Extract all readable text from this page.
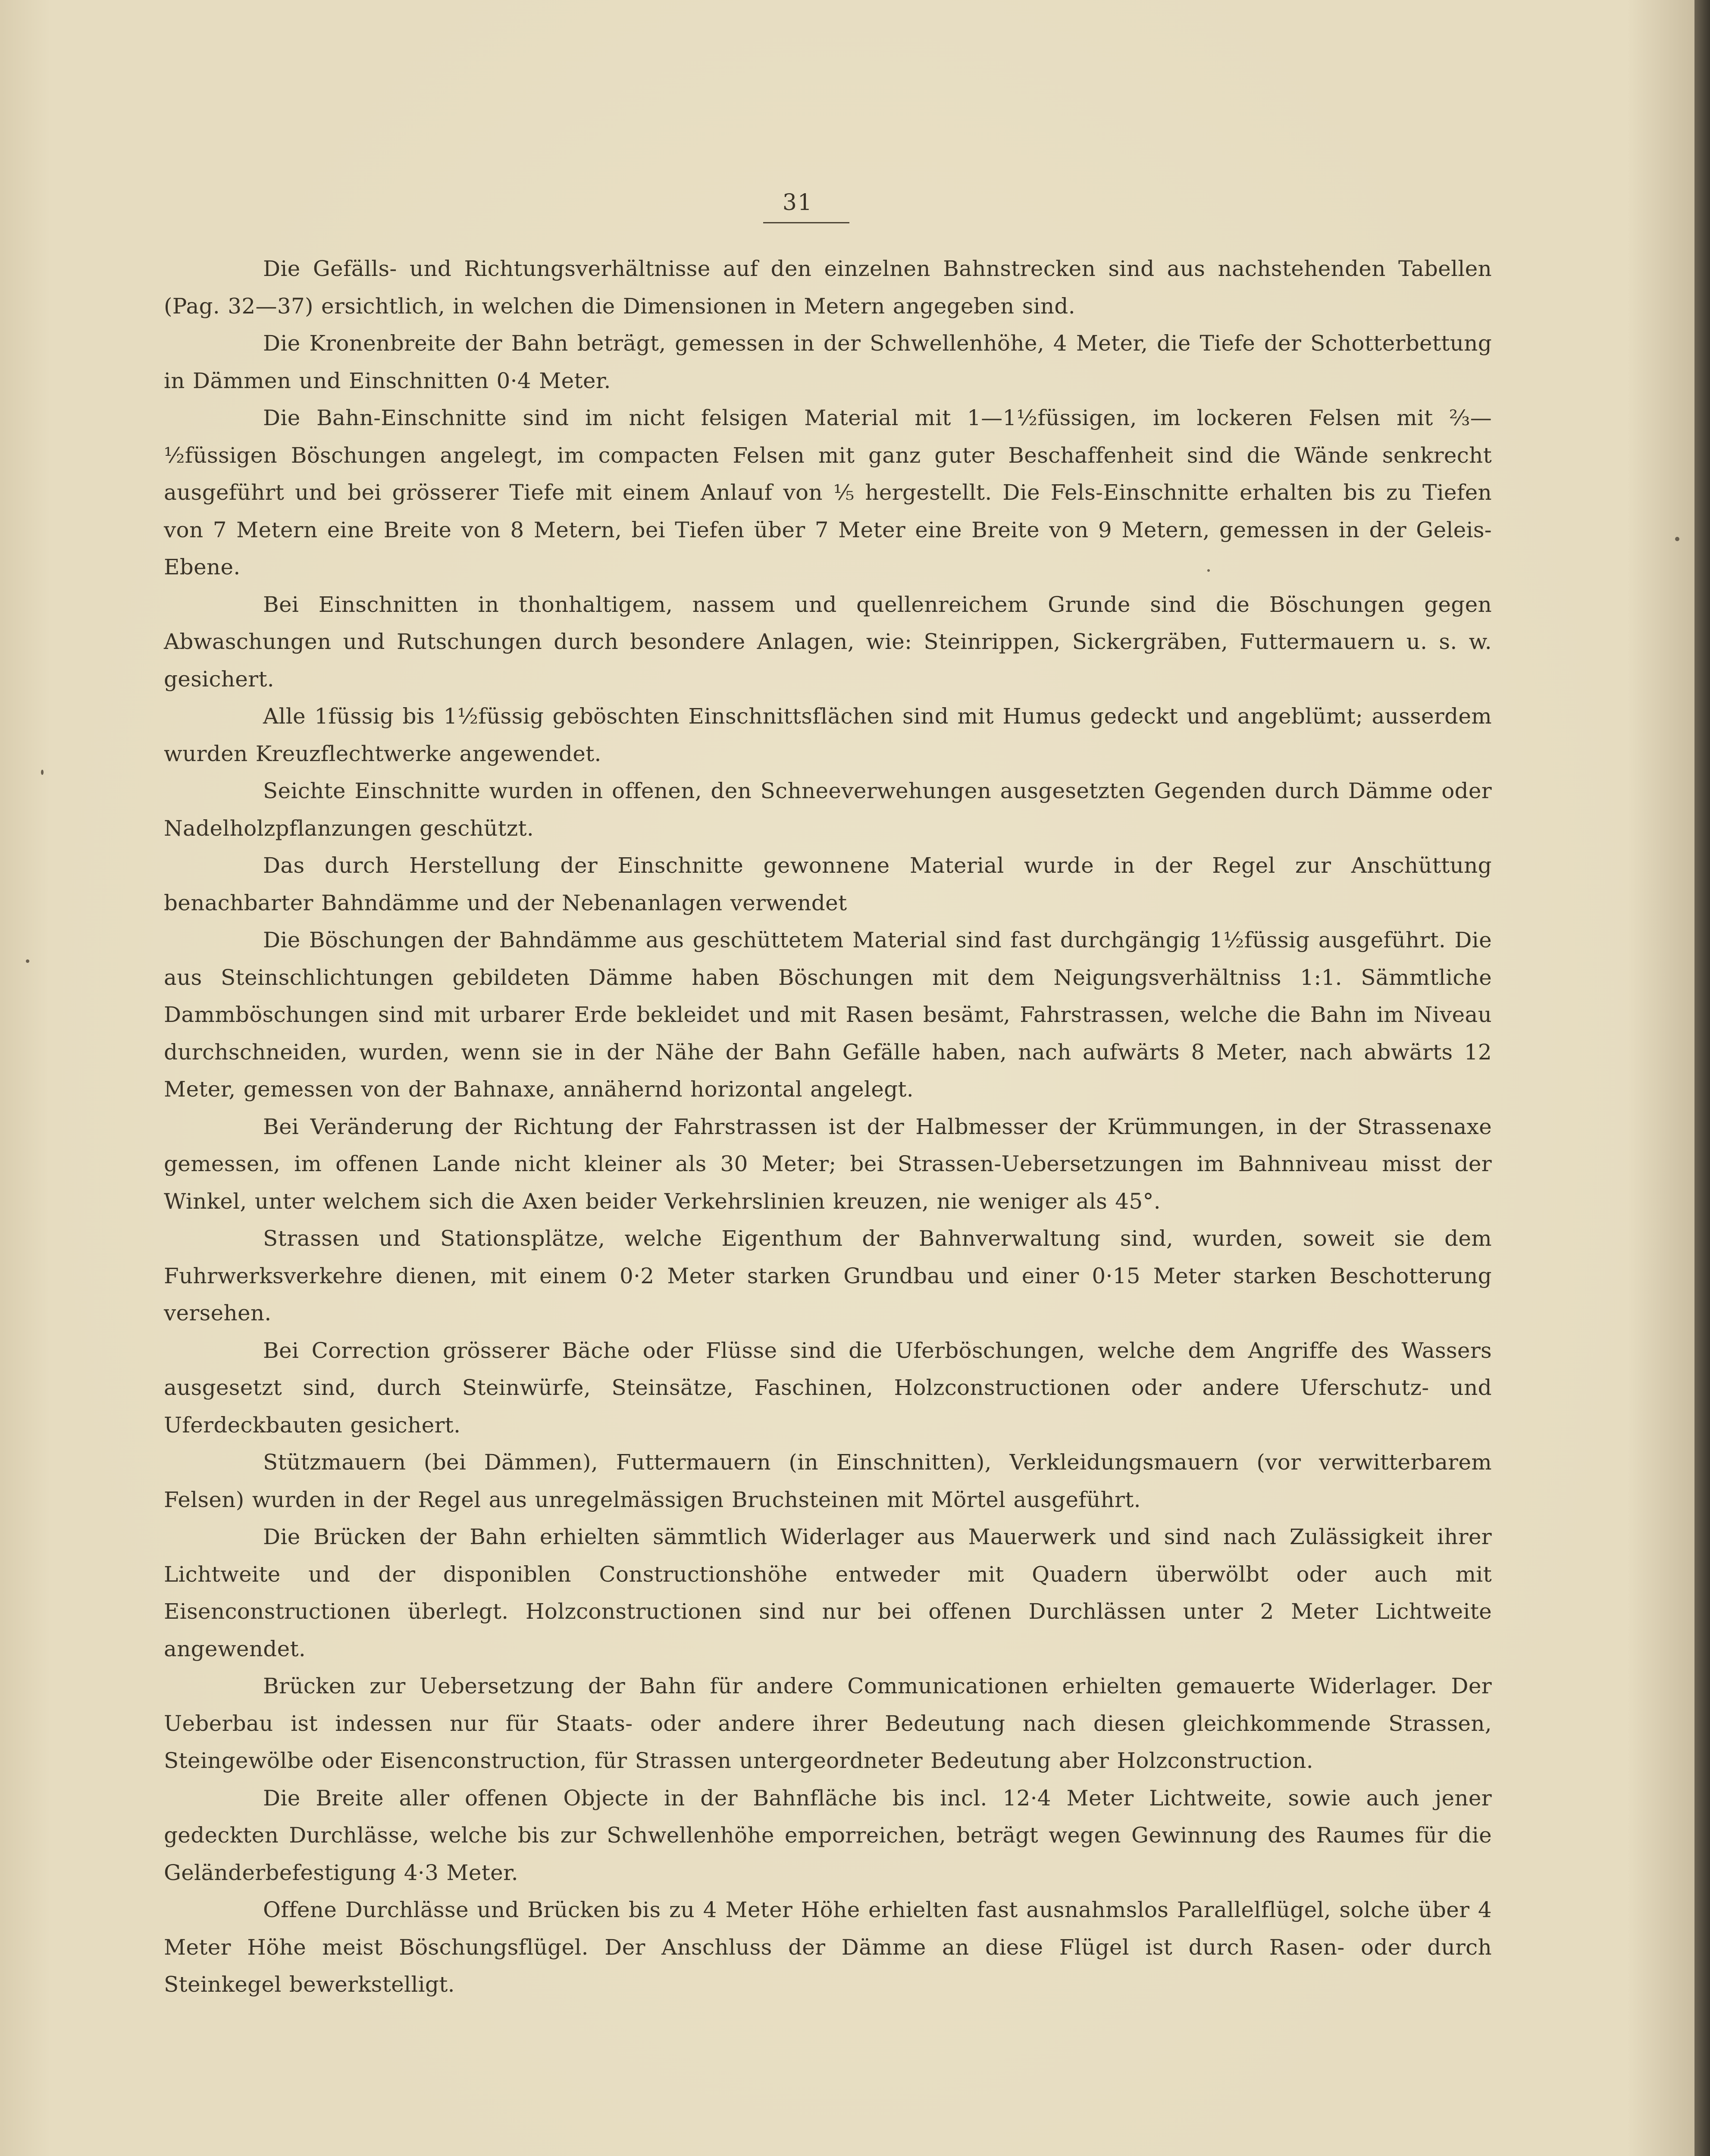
31

Die Gefälls- und Richtungsverhältnisse auf den einzelnen Bahnstrecken sind aus nachstehenden Tabellen (Pag. 32—37) ersichtlich, in welchen die Dimensionen in Metern angegeben sind.

Die Kronenbreite der Bahn beträgt, gemessen in der Schwellenhöhe, 4 Meter, die Tiefe der Schotterbettung in Dämmen und Einschnitten 0·4 Meter.

Die Bahn-Einschnitte sind im nicht felsigen Material mit 1—1½füssigen, im lockeren Felsen mit ⅔—½füssigen Böschungen angelegt, im compacten Felsen mit ganz guter Beschaffenheit sind die Wände senkrecht ausgeführt und bei grösserer Tiefe mit einem Anlauf von ⅕ hergestellt. Die Fels-Einschnitte erhalten bis zu Tiefen von 7 Metern eine Breite von 8 Metern, bei Tiefen über 7 Meter eine Breite von 9 Metern, gemessen in der Geleis-Ebene.

Bei Einschnitten in thonhaltigem, nassem und quellenreichem Grunde sind die Böschungen gegen Abwaschungen und Rutschungen durch besondere Anlagen, wie: Steinrippen, Sickergräben, Futtermauern u. s. w. gesichert.

Alle 1füssig bis 1½füssig geböschten Einschnittsflächen sind mit Humus gedeckt und angeblümt; ausserdem wurden Kreuzflechtwerke angewendet.

Seichte Einschnitte wurden in offenen, den Schneeverwehungen ausgesetzten Gegenden durch Dämme oder Nadelholzpflanzungen geschützt.

Das durch Herstellung der Einschnitte gewonnene Material wurde in der Regel zur Anschüttung benachbarter Bahndämme und der Nebenanlagen verwendet

Die Böschungen der Bahndämme aus geschüttetem Material sind fast durchgängig 1½füssig ausgeführt. Die aus Steinschlichtungen gebildeten Dämme haben Böschungen mit dem Neigungsverhältniss 1:1. Sämmtliche Dammböschungen sind mit urbarer Erde bekleidet und mit Rasen besämt, Fahrstrassen, welche die Bahn im Niveau durchschneiden, wurden, wenn sie in der Nähe der Bahn Gefälle haben, nach aufwärts 8 Meter, nach abwärts 12 Meter, gemessen von der Bahnaxe, annähernd horizontal angelegt.

Bei Veränderung der Richtung der Fahrstrassen ist der Halbmesser der Krümmungen, in der Strassenaxe gemessen, im offenen Lande nicht kleiner als 30 Meter; bei Strassen-Uebersetzungen im Bahnniveau misst der Winkel, unter welchem sich die Axen beider Verkehrslinien kreuzen, nie weniger als 45°.

Strassen und Stationsplätze, welche Eigenthum der Bahnverwaltung sind, wurden, soweit sie dem Fuhrwerksverkehre dienen, mit einem 0·2 Meter starken Grundbau und einer 0·15 Meter starken Beschotterung versehen.

Bei Correction grösserer Bäche oder Flüsse sind die Uferböschungen, welche dem Angriffe des Wassers ausgesetzt sind, durch Steinwürfe, Steinsätze, Faschinen, Holzconstructionen oder andere Uferschutz- und Uferdeckbauten gesichert.

Stützmauern (bei Dämmen), Futtermauern (in Einschnitten), Verkleidungsmauern (vor verwitterbarem Felsen) wurden in der Regel aus unregelmässigen Bruchsteinen mit Mörtel ausgeführt.

Die Brücken der Bahn erhielten sämmtlich Widerlager aus Mauerwerk und sind nach Zulässigkeit ihrer Lichtweite und der disponiblen Constructionshöhe entweder mit Quadern überwölbt oder auch mit Eisenconstructionen überlegt. Holzconstructionen sind nur bei offenen Durchlässen unter 2 Meter Lichtweite angewendet.

Brücken zur Uebersetzung der Bahn für andere Communicationen erhielten gemauerte Widerlager. Der Ueberbau ist indessen nur für Staats- oder andere ihrer Bedeutung nach diesen gleichkommende Strassen, Steingewölbe oder Eisenconstruction, für Strassen untergeordneter Bedeutung aber Holzconstruction.

Die Breite aller offenen Objecte in der Bahnfläche bis incl. 12·4 Meter Lichtweite, sowie auch jener gedeckten Durchlässe, welche bis zur Schwellenhöhe emporreichen, beträgt wegen Gewinnung des Raumes für die Geländerbefestigung 4·3 Meter.

Offene Durchlässe und Brücken bis zu 4 Meter Höhe erhielten fast ausnahmslos Parallelflügel, solche über 4 Meter Höhe meist Böschungsflügel. Der Anschluss der Dämme an diese Flügel ist durch Rasen- oder durch Steinkegel bewerkstelligt.
